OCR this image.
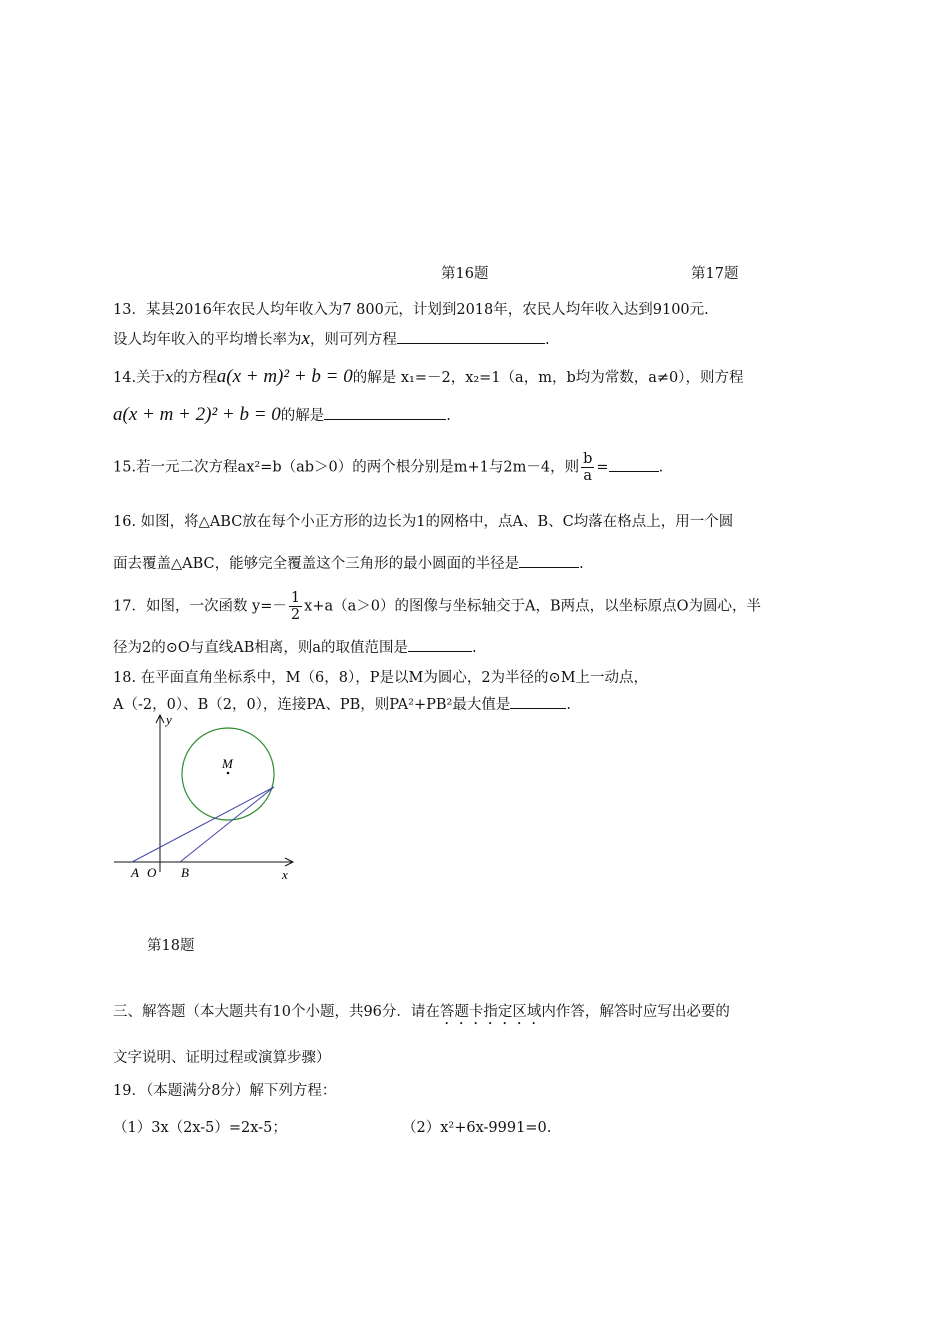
第16题	第17题
13．某县2016年农民人均年收入为7 800元，计划到2018年，农民人均年收入达到9100元.
设人均年收入的平均增长率为x，则可列方程	.
14.关于x的方程a(x + m)² + b = 0的解是 x₁=－2，x₂=1（a，m，b均为常数，a≠0），则方程
a(x + m + 2)² + b = 0的解是	.
15.若一元二次方程ax²=b（ab＞0）的两个根分别是m+1与2m－4，则 $\frac{b}{a}$ =	.
16. 如图，将△ABC放在每个小正方形的边长为1的网格中，点A、B、C均落在格点上，用一个圆
面去覆盖△ABC，能够完全覆盖这个三角形的最小圆面的半径是	.
17．如图，一次函数 $y=- \frac{1}{2} x+a(a>0)$的图像与坐标轴交于A，B两点，以坐标原点O为圆心，半
径为2的⊙O与直线AB相离，则a的取值范围是	.
18. 在平面直角坐标系中，M（6，8），P是以M为圆心，2为半径的⊙M上一动点，
A（-2，0）、B（2，0），连接PA、PB，则PA²+PB²最大值是	.
y
x
M
A O B
第18题
三、解答题（本大题共有10个小题，共96分．请在答题卡指定区域内作答，解答时应写出必要的
文字说明、证明过程或演算步骤）
19．（本题满分8分）解下列方程：
（1）3x（2x-5）=2x-5；	（2）x²+6x-9991=0.
